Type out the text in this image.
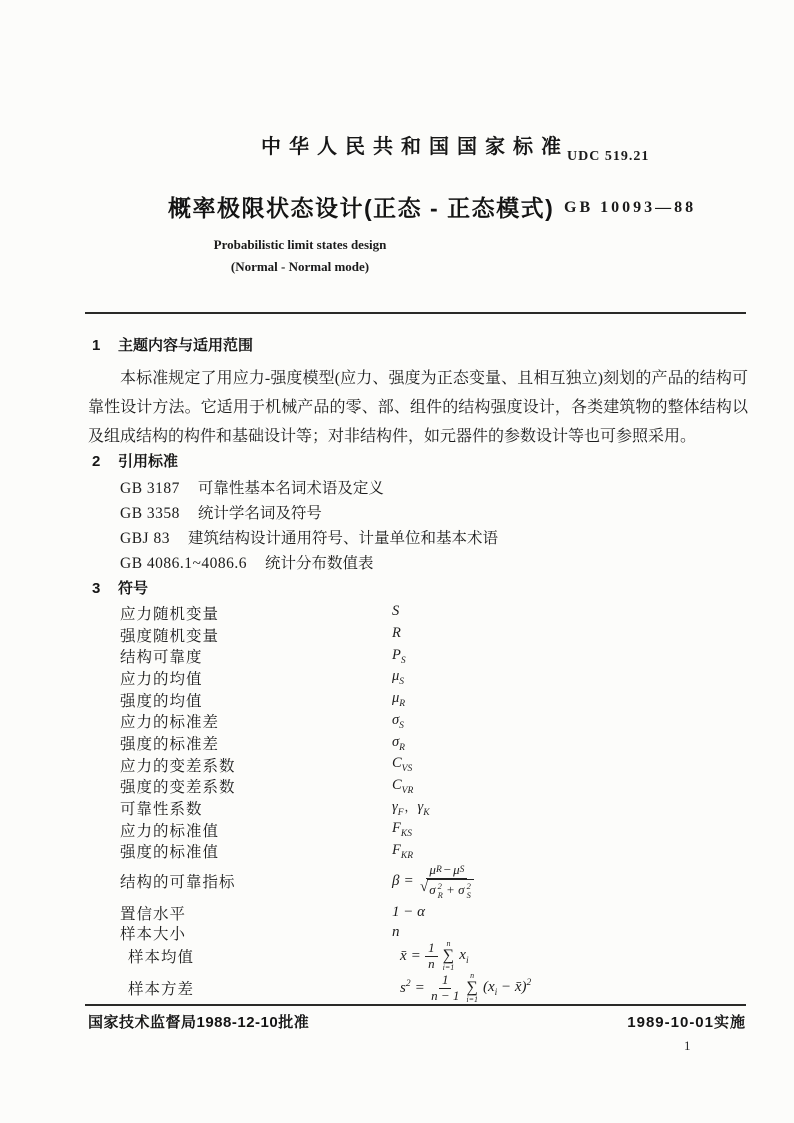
中华人民共和国国家标准
UDC 519.21
概率极限状态设计(正态 - 正态模式) GB 10093—88
Probabilistic limit states design
(Normal - Normal mode)
1 主题内容与适用范围
本标准规定了用应力-强度模型(应力、强度为正态变量、且相互独立)刻划的产品的结构可靠性设计方法。它适用于机械产品的零、部、组件的结构强度设计，各类建筑物的整体结构以及组成结构的构件和基础设计等；对非结构件，如元器件的参数设计等也可参照采用。
2 引用标准
GB 3187 可靠性基本名词术语及定义
GB 3358 统计学名词及符号
GBJ 83 建筑结构设计通用符号、计量单位和基本术语
GB 4086.1~4086.6 统计分布数值表
3 符号
应力随机变量	S
强度随机变量	R
结构可靠度	$P_S$
应力的均值	$\mu_S$
强度的均值	$\mu_R$
应力的标准差	$\sigma_S$
强度的标准差	$\sigma_R$
应力的变差系数	$C_{VS}$
强度的变差系数	$C_{VR}$
可靠性系数	$\gamma_F$，$\gamma_K$
应力的标准值	$F_{KS}$
强度的标准值	$F_{KR}$
结构的可靠指标	β = μ R − μ S
√ σ 2
R + σ 2
S
置信水平	1 − α
样本大小	n
样本均值	x̄ = $\frac{1}{n}$ n
∑
i=1
$x_i$
样本方差	$s^2 = \frac{1}{n - 1}$ n
∑
i=1
($x_i$ − x̄)$^2$
国家技术监督局1988-12-10批准	1989-10-01实施
1
